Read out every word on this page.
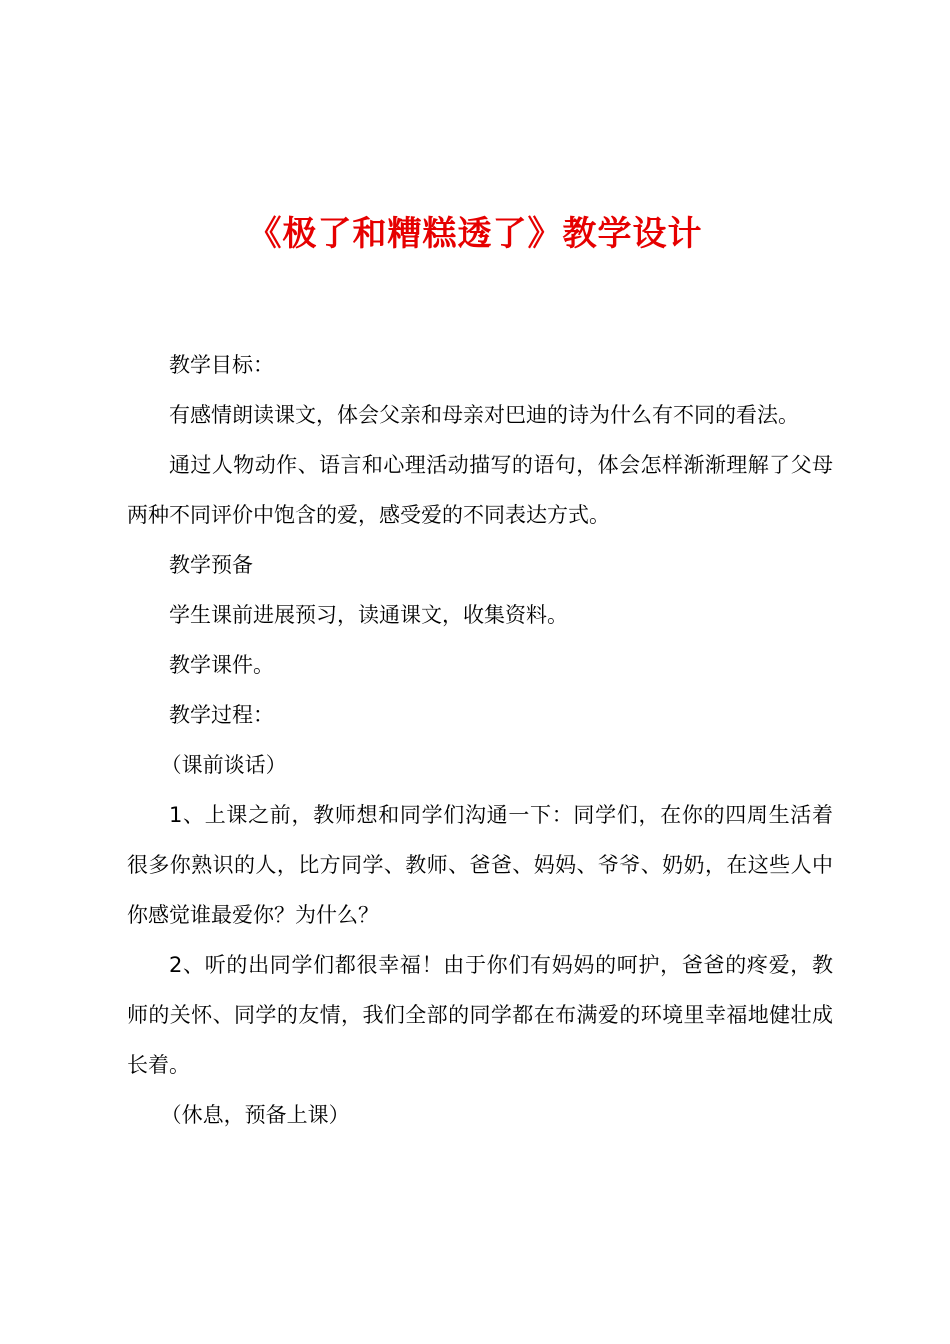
《极了和糟糕透了》教学设计

教学目标：

有感情朗读课文，体会父亲和母亲对巴迪的诗为什么有不同的看法。

通过人物动作、语言和心理活动描写的语句，体会怎样渐渐理解了父母两种不同评价中饱含的爱，感受爱的不同表达方式。

教学预备

学生课前进展预习，读通课文，收集资料。

教学课件。

教学过程：

（课前谈话）

1、上课之前，教师想和同学们沟通一下：同学们，在你的四周生活着很多你熟识的人，比方同学、教师、爸爸、妈妈、爷爷、奶奶，在这些人中你感觉谁最爱你？为什么？

2、听的出同学们都很幸福！由于你们有妈妈的呵护，爸爸的疼爱，教师的关怀、同学的友情，我们全部的同学都在布满爱的环境里幸福地健壮成长着。

（休息，预备上课）
